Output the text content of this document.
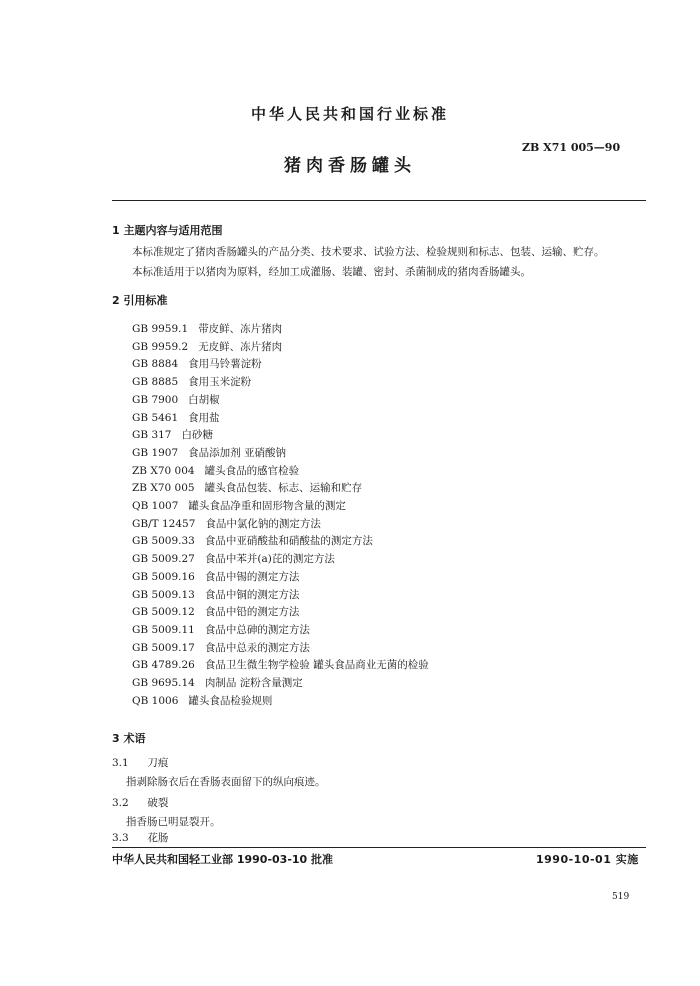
中华人民共和国行业标准
ZB X71 005—90
猪肉香肠罐头
1 主题内容与适用范围
本标准规定了猪肉香肠罐头的产品分类、技术要求、试验方法、检验规则和标志、包装、运输、贮存。
本标准适用于以猪肉为原料，经加工成灌肠、装罐、密封、杀菌制成的猪肉香肠罐头。
2 引用标准
GB 9959.1 带皮鲜、冻片猪肉
GB 9959.2 无皮鲜、冻片猪肉
GB 8884 食用马铃薯淀粉
GB 8885 食用玉米淀粉
GB 7900 白胡椒
GB 5461 食用盐
GB 317 白砂糖
GB 1907 食品添加剂 亚硝酸钠
ZB X70 004 罐头食品的感官检验
ZB X70 005 罐头食品包装、标志、运输和贮存
QB 1007 罐头食品净重和固形物含量的测定
GB/T 12457 食品中氯化钠的测定方法
GB 5009.33 食品中亚硝酸盐和硝酸盐的测定方法
GB 5009.27 食品中苯并(a)芘的测定方法
GB 5009.16 食品中锡的测定方法
GB 5009.13 食品中铜的测定方法
GB 5009.12 食品中铅的测定方法
GB 5009.11 食品中总砷的测定方法
GB 5009.17 食品中总汞的测定方法
GB 4789.26 食品卫生微生物学检验 罐头食品商业无菌的检验
GB 9695.14 肉制品 淀粉含量测定
QB 1006 罐头食品检验规则
3 术语
3.1 刀痕
指剥除肠衣后在香肠表面留下的纵向痕迹。
3.2 破裂
指香肠已明显裂开。
3.3 花肠
中华人民共和国轻工业部 1990-03-10 批准	1990-10-01 实施
519
